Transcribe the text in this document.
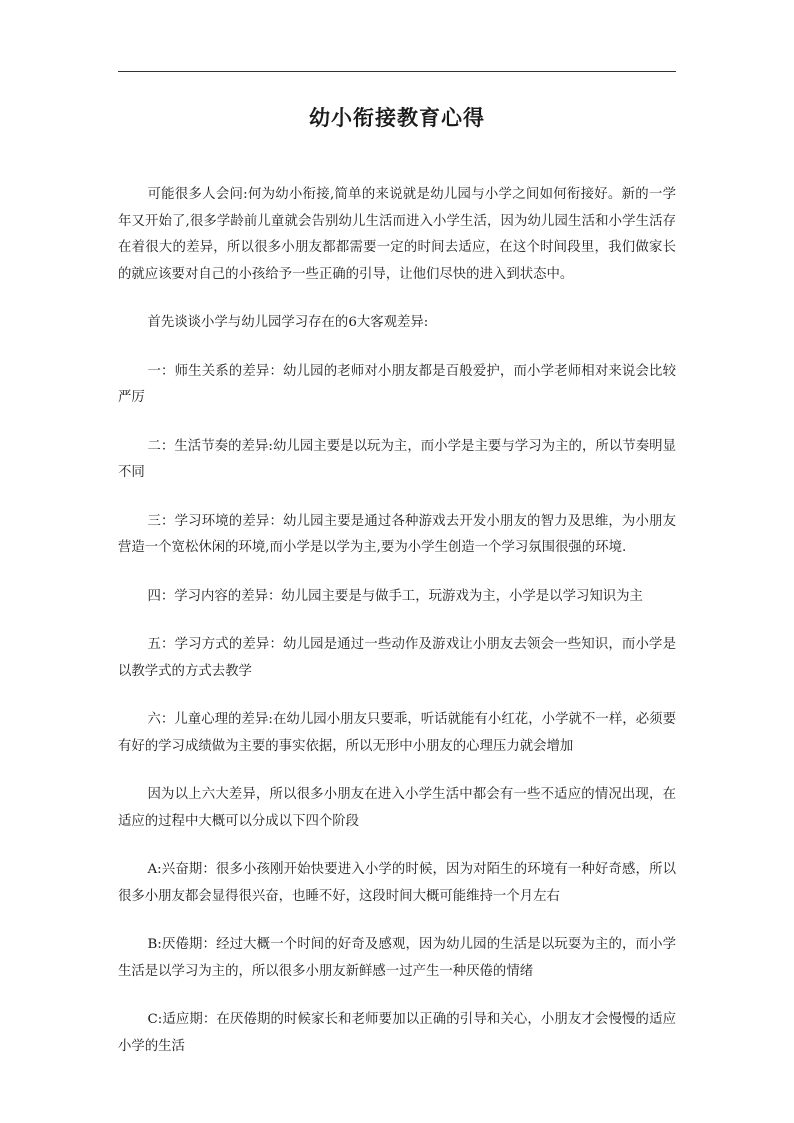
幼小衔接教育心得

可能很多人会问:何为幼小衔接,简单的来说就是幼儿园与小学之间如何衔接好。新的一学年又开始了,很多学龄前儿童就会告别幼儿生活而进入小学生活，因为幼儿园生活和小学生活存在着很大的差异，所以很多小朋友都都需要一定的时间去适应，在这个时间段里，我们做家长的就应该要对自己的小孩给予一些正确的引导，让他们尽快的进入到状态中。

首先谈谈小学与幼儿园学习存在的6大客观差异:

一：师生关系的差异：幼儿园的老师对小朋友都是百般爱护，而小学老师相对来说会比较严厉

二：生活节奏的差异:幼儿园主要是以玩为主，而小学是主要与学习为主的，所以节奏明显不同

三：学习环境的差异：幼儿园主要是通过各种游戏去开发小朋友的智力及思维，为小朋友营造一个宽松休闲的环境,而小学是以学为主,要为小学生创造一个学习氛围很强的环境.

四：学习内容的差异：幼儿园主要是与做手工，玩游戏为主，小学是以学习知识为主

五：学习方式的差异：幼儿园是通过一些动作及游戏让小朋友去领会一些知识，而小学是以教学式的方式去教学

六：儿童心理的差异:在幼儿园小朋友只要乖，听话就能有小红花，小学就不一样，必须要有好的学习成绩做为主要的事实依据，所以无形中小朋友的心理压力就会增加

因为以上六大差异，所以很多小朋友在进入小学生活中都会有一些不适应的情况出现，在适应的过程中大概可以分成以下四个阶段

A:兴奋期：很多小孩刚开始快要进入小学的时候，因为对陌生的环境有一种好奇感，所以很多小朋友都会显得很兴奋，也睡不好，这段时间大概可能维持一个月左右

B:厌倦期：经过大概一个时间的好奇及感观，因为幼儿园的生活是以玩耍为主的，而小学生活是以学习为主的，所以很多小朋友新鲜感一过产生一种厌倦的情绪

C:适应期：在厌倦期的时候家长和老师要加以正确的引导和关心，小朋友才会慢慢的适应小学的生活
